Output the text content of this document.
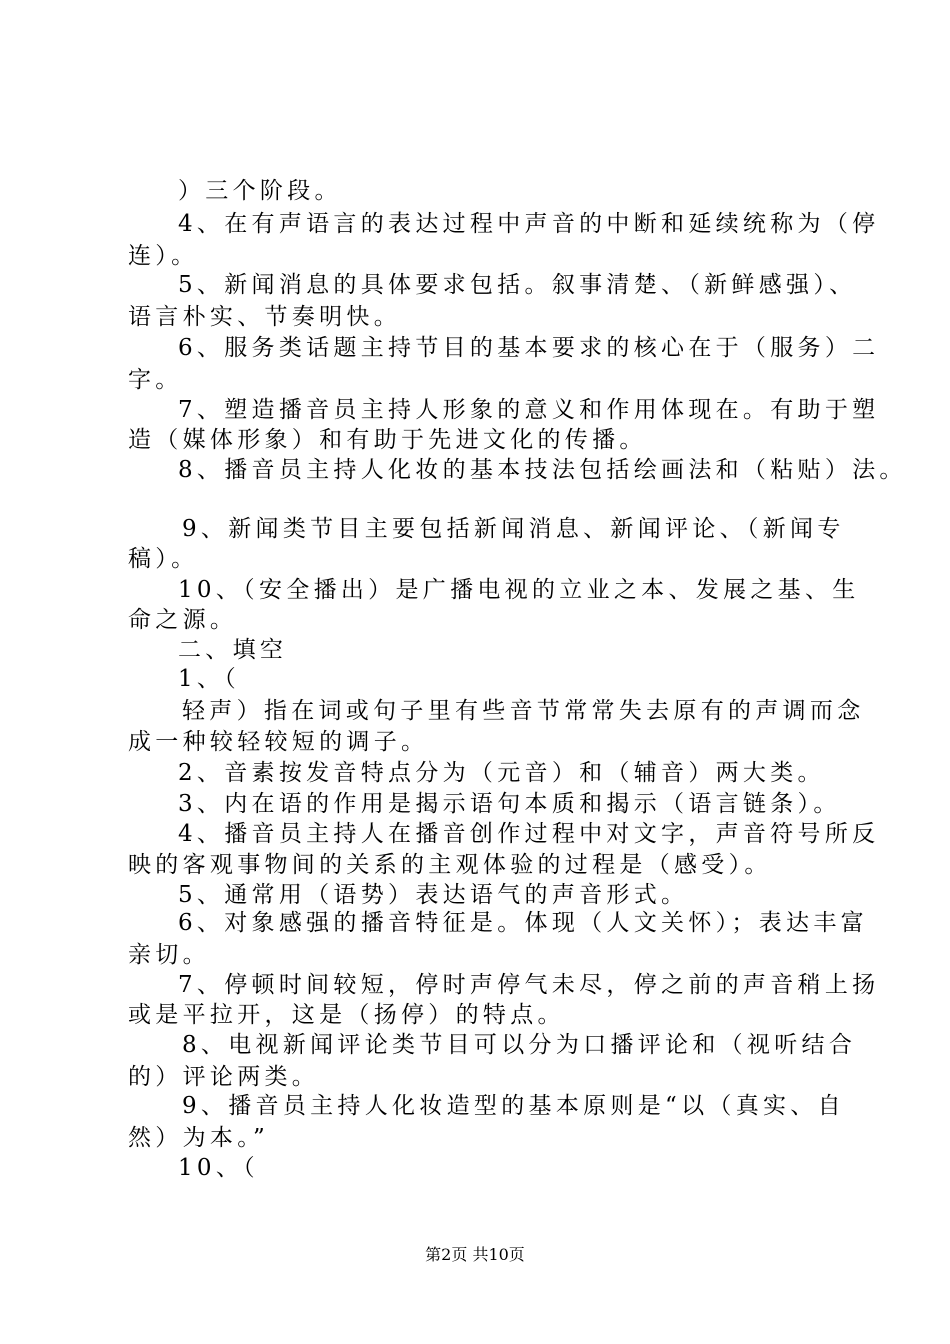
）三个阶段。
4、在有声语言的表达过程中声音的中断和延续统称为（停
连）。
5、新闻消息的具体要求包括。叙事清楚、（新鲜感强）、
语言朴实、节奏明快。
6、服务类话题主持节目的基本要求的核心在于（服务）二
字。
7、塑造播音员主持人形象的意义和作用体现在。有助于塑
造（媒体形象）和有助于先进文化的传播。
8、播音员主持人化妆的基本技法包括绘画法和（粘贴）法。
9、新闻类节目主要包括新闻消息、新闻评论、（新闻专
稿）。
10、（安全播出）是广播电视的立业之本、发展之基、生
命之源。
二、填空
1、（
轻声）指在词或句子里有些音节常常失去原有的声调而念
成一种较轻较短的调子。
2、音素按发音特点分为（元音）和（辅音）两大类。
3、内在语的作用是揭示语句本质和揭示（语言链条）。
4、播音员主持人在播音创作过程中对文字，声音符号所反
映的客观事物间的关系的主观体验的过程是（感受）。
5、通常用（语势）表达语气的声音形式。
6、对象感强的播音特征是。体现（人文关怀）；表达丰富
亲切。
7、停顿时间较短，停时声停气未尽，停之前的声音稍上扬
或是平拉开，这是（扬停）的特点。
8、电视新闻评论类节目可以分为口播评论和（视听结合
的）评论两类。
9、播音员主持人化妆造型的基本原则是“以（真实、自
然）为本。”
10、（
第2页 共10页
